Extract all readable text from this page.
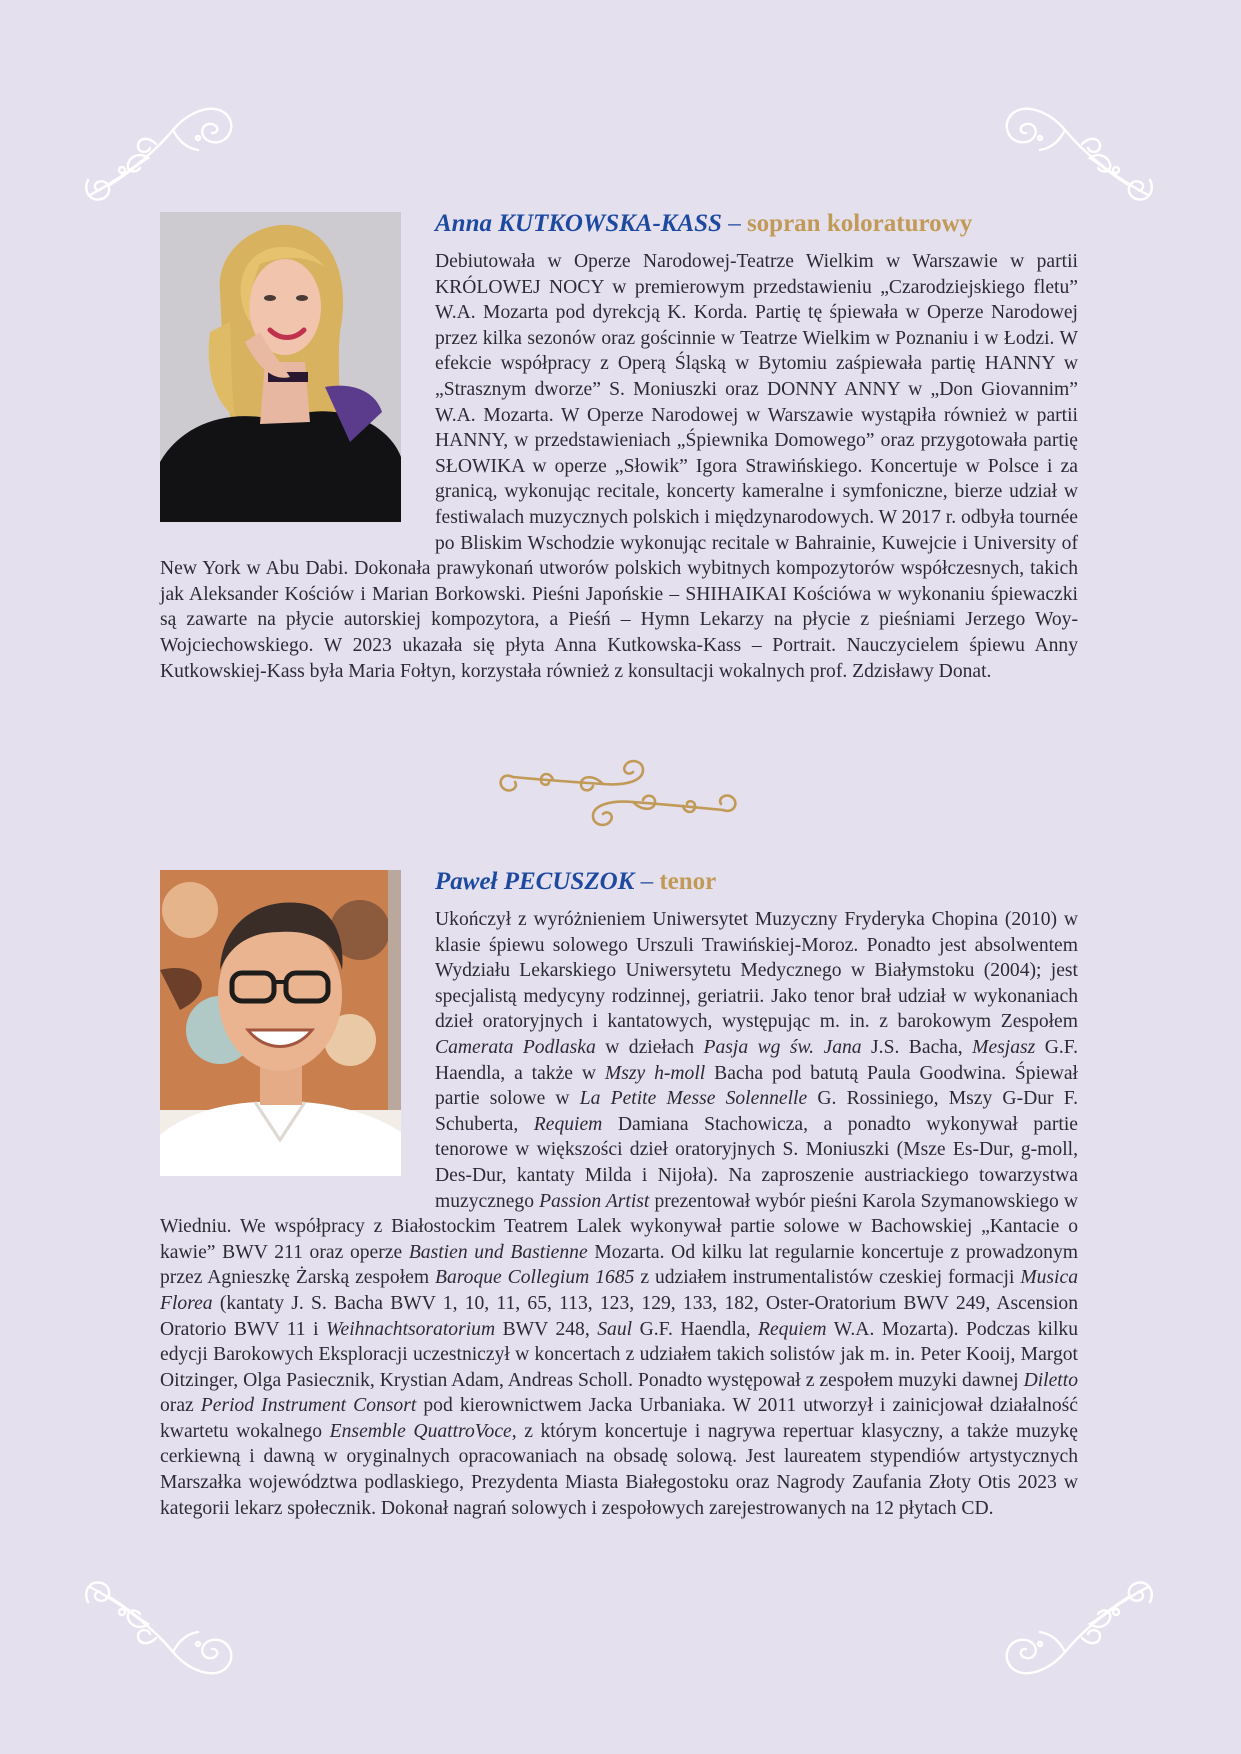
Anna KUTKOWSKA-KASS – sopran koloraturowy

Debiutowała w Operze Narodowej-Teatrze Wielkim w Warszawie w partii KRÓLOWEJ NOCY w premierowym przedstawieniu „Czarodziejskiego fletu” W.A. Mozarta pod dyrekcją K. Korda. Partię tę śpiewała w Operze Narodowej przez kilka sezonów oraz gościnnie w Teatrze Wielkim w Poznaniu i w Łodzi. W efekcie współpracy z Operą Śląską w Bytomiu zaśpiewała partię HANNY w „Strasznym dworze” S. Moniuszki oraz DONNY ANNY w „Don Giovannim” W.A. Mozarta. W Operze Narodowej w Warszawie wystąpiła również w partii HANNY, w przedstawieniach „Śpiewnika Domowego” oraz przygotowała partię SŁOWIKA w operze „Słowik” Igora Strawińskiego. Koncertuje w Polsce i za granicą, wykonując recitale, koncerty kameralne i symfoniczne, bierze udział w festiwalach muzycznych polskich i międzynarodowych. W 2017 r. odbyła tournée po Bliskim Wschodzie wykonując recitale w Bahrainie, Kuwejcie i University of New York w Abu Dabi. Dokonała prawykonań utworów polskich wybitnych kompozytorów współczesnych, takich jak Aleksander Kościów i Marian Borkowski. Pieśni Japońskie – SHIHAIKAI Kościówa w wykonaniu śpiewaczki są zawarte na płycie autorskiej kompozytora, a Pieśń – Hymn Lekarzy na płycie z pieśniami Jerzego Woy-Wojciechowskiego. W 2023 ukazała się płyta Anna Kutkowska-Kass – Portrait. Nauczycielem śpiewu Anny Kutkowskiej-Kass była Maria Fołtyn, korzystała również z konsultacji wokalnych prof. Zdzisławy Donat.

Paweł PECUSZOK – tenor

Ukończył z wyróżnieniem Uniwersytet Muzyczny Fryderyka Chopina (2010) w klasie śpiewu solowego Urszuli Trawińskiej-Moroz. Ponadto jest absolwentem Wydziału Lekarskiego Uniwersytetu Medycznego w Białymstoku (2004); jest specjalistą medycyny rodzinnej, geriatrii. Jako tenor brał udział w wykonaniach dzieł oratoryjnych i kantatowych, występując m. in. z barokowym Zespołem Camerata Podlaska w dziełach Pasja wg św. Jana J.S. Bacha, Mesjasz G.F. Haendla, a także w Mszy h-moll Bacha pod batutą Paula Goodwina. Śpiewał partie solowe w La Petite Messe Solennelle G. Rossiniego, Mszy G-Dur F. Schuberta, Requiem Damiana Stachowicza, a ponadto wykonywał partie tenorowe w większości dzieł oratoryjnych S. Moniuszki (Msze Es-Dur, g-moll, Des-Dur, kantaty Milda i Nijoła). Na zaproszenie austriackiego towarzystwa muzycznego Passion Artist prezentował wybór pieśni Karola Szymanowskiego w Wiedniu. We współpracy z Białostockim Teatrem Lalek wykonywał partie solowe w Bachowskiej „Kantacie o kawie” BWV 211 oraz operze Bastien und Bastienne Mozarta. Od kilku lat regularnie koncertuje z prowadzonym przez Agnieszkę Żarską zespołem Baroque Collegium 1685 z udziałem instrumentalistów czeskiej formacji Musica Florea (kantaty J. S. Bacha BWV 1, 10, 11, 65, 113, 123, 129, 133, 182, Oster-Oratorium BWV 249, Ascension Oratorio BWV 11 i Weihnachtsoratorium BWV 248, Saul G.F. Haendla, Requiem W.A. Mozarta). Podczas kilku edycji Barokowych Eksploracji uczestniczył w koncertach z udziałem takich solistów jak m. in. Peter Kooij, Margot Oitzinger, Olga Pasiecznik, Krystian Adam, Andreas Scholl. Ponadto występował z zespołem muzyki dawnej Diletto oraz Period Instrument Consort pod kierownictwem Jacka Urbaniaka. W 2011 utworzył i zainicjował działalność kwartetu wokalnego Ensemble QuattroVoce, z którym koncertuje i nagrywa repertuar klasyczny, a także muzykę cerkiewną i dawną w oryginalnych opracowaniach na obsadę solową. Jest laureatem stypendiów artystycznych Marszałka województwa podlaskiego, Prezydenta Miasta Białegostoku oraz Nagrody Zaufania Złoty Otis 2023 w kategorii lekarz społecznik. Dokonał nagrań solowych i zespołowych zarejestrowanych na 12 płytach CD.
